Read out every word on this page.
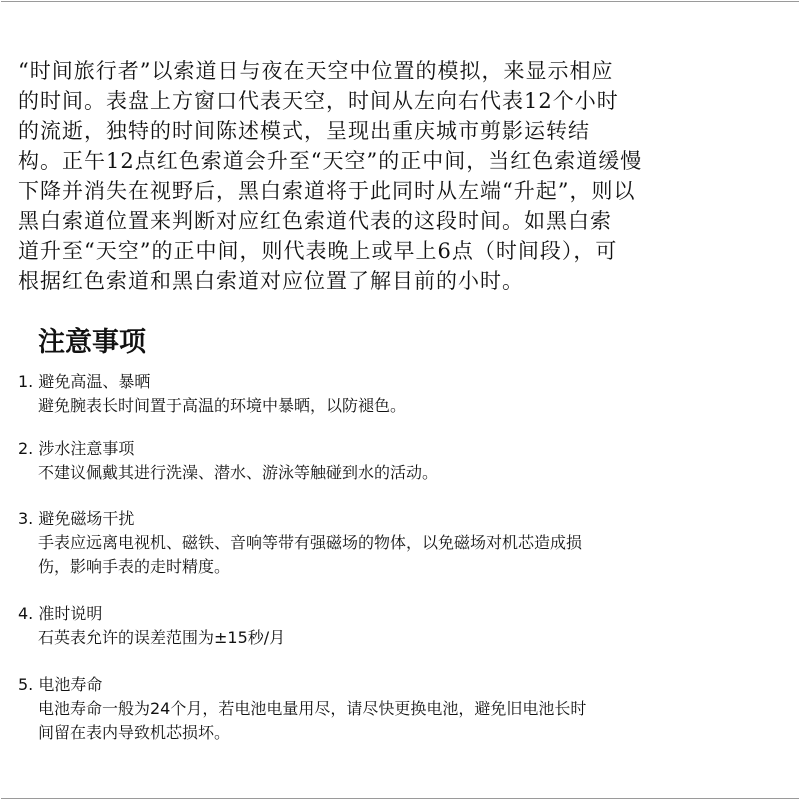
“时间旅行者”以索道日与夜在天空中位置的模拟，来显示相应
的时间。表盘上方窗口代表天空，时间从左向右代表12个小时
的流逝，独特的时间陈述模式，呈现出重庆城市剪影运转结
构。正午12点红色索道会升至“天空”的正中间，当红色索道缓慢
下降并消失在视野后，黑白索道将于此同时从左端“升起”，则以
黑白索道位置来判断对应红色索道代表的这段时间。如黑白索
道升至“天空”的正中间，则代表晚上或早上6点（时间段），可
根据红色索道和黑白索道对应位置了解目前的小时。

注意事项
1. 避免高温、暴晒
避免腕表长时间置于高温的环境中暴晒，以防褪色。
2. 涉水注意事项
不建议佩戴其进行洗澡、潜水、游泳等触碰到水的活动。
3. 避免磁场干扰
手表应远离电视机、磁铁、音响等带有强磁场的物体，以免磁场对机芯造成损
伤，影响手表的走时精度。
4. 准时说明
石英表允许的误差范围为±15秒/月
5. 电池寿命
电池寿命一般为24个月，若电池电量用尽，请尽快更换电池，避免旧电池长时
间留在表内导致机芯损坏。
